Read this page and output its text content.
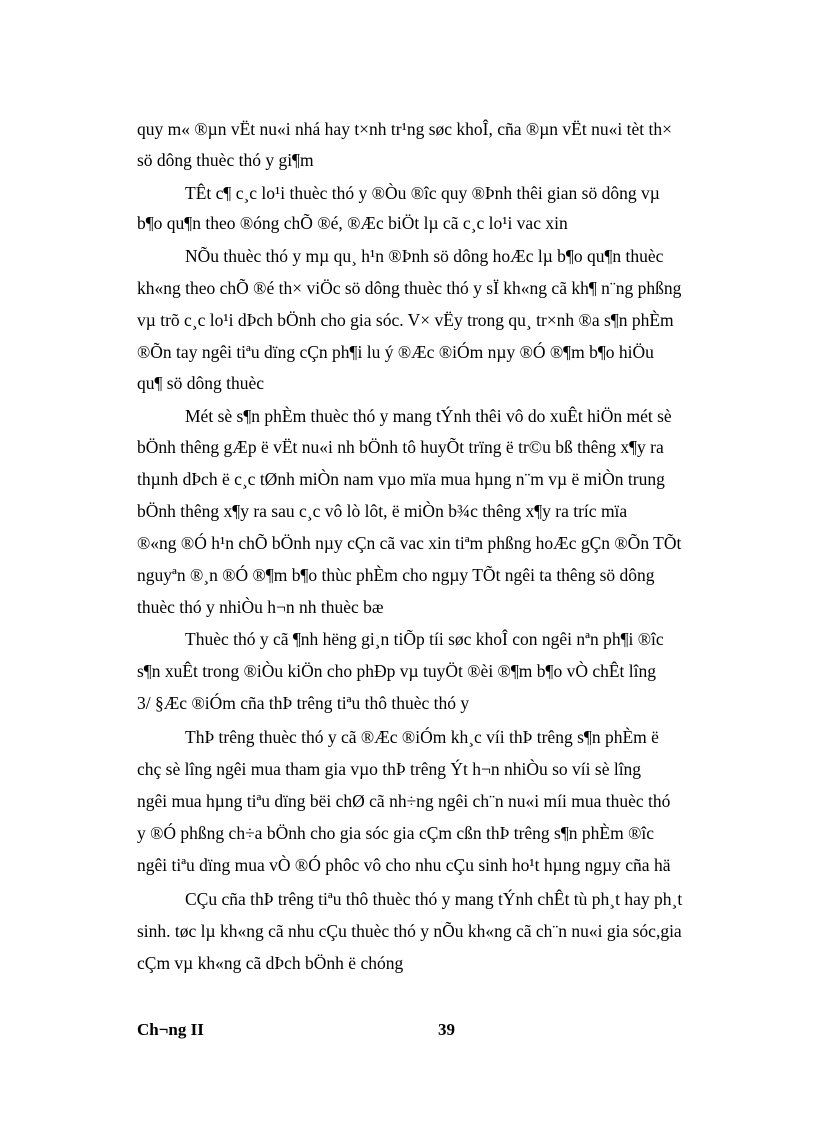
quy m« ®µn vËt nu«i nhá hay t×nh tr¹ng søc khoÎ, cña ®µn vËt nu«i tèt th×
sö dông thuèc thó y gi¶m
TÊt c¶ c¸c lo¹i thuèc thó y ®Òu ®îc quy ®Þnh thêi gian sö dông vµ
b¶o qu¶n theo ®óng chÕ ®é, ®Æc biÖt lµ cã c¸c lo¹i vac xin
NÕu thuèc thó y mµ qu¸ h¹n ®Þnh sö dông hoÆc lµ b¶o qu¶n thuèc
kh«ng theo chÕ ®é th× viÖc sö dông thuèc thó y sÏ kh«ng cã kh¶ n¨ng phßng
vµ trõ c¸c lo¹i dÞch bÖnh cho gia sóc. V× vËy trong qu¸ tr×nh ®a s¶n phÈm
®Õn tay ngêi tiªu dïng cÇn ph¶i lu ý ®Æc ®iÓm nµy ®Ó ®¶m b¶o hiÖu
qu¶ sö dông thuèc
Mét sè s¶n phÈm thuèc thó y mang tÝnh thêi vô do xuÊt hiÖn mét sè
bÖnh thêng gÆp ë vËt nu«i nh bÖnh tô huyÕt trïng ë tr©u bß thêng x¶y ra
thµnh dÞch ë c¸c tØnh miÒn nam vµo mïa mua hµng n¨m vµ ë miÒn trung
bÖnh thêng x¶y ra sau c¸c vô lò lôt, ë miÒn b¾c thêng x¶y ra tríc mïa
®«ng ®Ó h¹n chÕ bÖnh nµy cÇn cã vac xin tiªm phßng hoÆc gÇn ®Õn TÕt
nguyªn ®¸n ®Ó ®¶m b¶o thùc phÈm cho ngµy TÕt ngêi ta thêng sö dông
thuèc thó y nhiÒu h¬n nh thuèc bæ
Thuèc thó y cã ¶nh hëng gi¸n tiÕp tíi søc khoÎ con ngêi nªn ph¶i ®îc
s¶n xuÊt trong ®iÒu kiÖn cho phÐp vµ tuyÖt ®èi ®¶m b¶o vÒ chÊt lîng
3/ §Æc ®iÓm cña thÞ trêng tiªu thô thuèc thó y
ThÞ trêng thuèc thó y cã ®Æc ®iÓm kh¸c víi thÞ trêng s¶n phÈm ë
chç sè lîng ngêi mua tham gia vµo thÞ trêng Ýt h¬n nhiÒu so víi sè lîng
ngêi mua hµng tiªu dïng bëi chØ cã nh÷ng ngêi ch¨n nu«i míi mua thuèc thó
y ®Ó phßng ch÷a bÖnh cho gia sóc gia cÇm cßn thÞ trêng s¶n phÈm ®îc
ngêi tiªu dïng mua vÒ ®Ó phôc vô cho nhu cÇu sinh ho¹t hµng ngµy cña hä
CÇu cña thÞ trêng tiªu thô thuèc thó y mang tÝnh chÊt tù ph¸t hay ph¸t
sinh. tøc lµ kh«ng cã nhu cÇu thuèc thó y nÕu kh«ng cã ch¨n nu«i gia sóc,gia
cÇm vµ kh«ng cã dÞch bÖnh ë chóng
Ch¬ng II	39
